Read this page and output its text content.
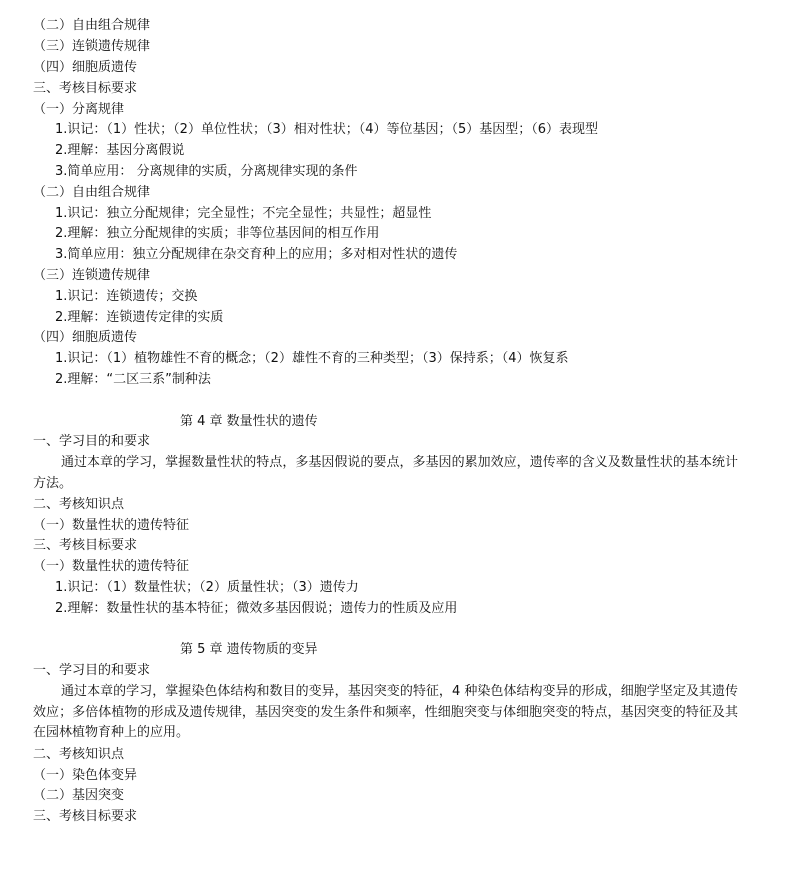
（二）自由组合规律
（三）连锁遗传规律
（四）细胞质遗传
三、考核目标要求
（一）分离规律
1.识记：（1）性状；（2）单位性状；（3）相对性状；（4）等位基因；（5）基因型；（6）表现型
2.理解：基因分离假说
3.简单应用： 分离规律的实质，分离规律实现的条件
（二）自由组合规律
1.识记：独立分配规律；完全显性；不完全显性；共显性；超显性
2.理解：独立分配规律的实质；非等位基因间的相互作用
3.简单应用：独立分配规律在杂交育种上的应用；多对相对性状的遗传
（三）连锁遗传规律
1.识记：连锁遗传；交换
2.理解：连锁遗传定律的实质
（四）细胞质遗传
1.识记：（1）植物雄性不育的概念；（2）雄性不育的三种类型；（3）保持系；（4）恢复系
2.理解：“二区三系”制种法
第 4 章 数量性状的遗传
一、学习目的和要求
通过本章的学习，掌握数量性状的特点，多基因假说的要点，多基因的累加效应，遗传率的含义及数量性状的基本统计方法。
二、考核知识点
（一）数量性状的遗传特征
三、考核目标要求
（一）数量性状的遗传特征
1.识记：（1）数量性状；（2）质量性状；（3）遗传力
2.理解：数量性状的基本特征；微效多基因假说；遗传力的性质及应用
第 5 章 遗传物质的变异
一、学习目的和要求
通过本章的学习，掌握染色体结构和数目的变异，基因突变的特征，4 种染色体结构变异的形成，细胞学坚定及其遗传效应；多倍体植物的形成及遗传规律，基因突变的发生条件和频率，性细胞突变与体细胞突变的特点，基因突变的特征及其在园林植物育种上的应用。
二、考核知识点
（一）染色体变异
（二）基因突变
三、考核目标要求
